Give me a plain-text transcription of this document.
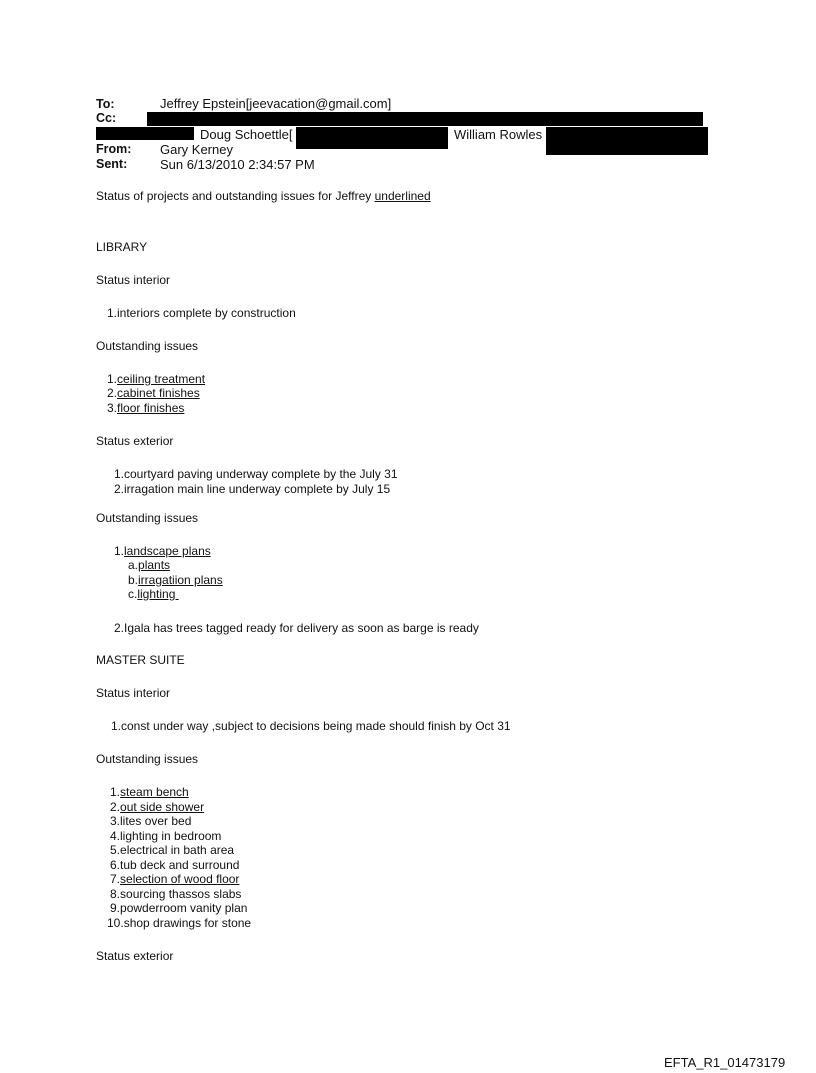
To:	Jeffrey Epstein[jeevacation@gmail.com]
Cc:
Doug Schoettle[	William Rowles
From: Gary Kerney
Sent:	Sun 6/13/2010 2:34:57 PM
Status of projects and outstanding issues for Jeffrey underlined
LIBRARY
Status interior
1.interiors complete by construction
Outstanding issues
1.ceiling treatment
2.cabinet finishes
3.floor finishes
Status exterior
1.courtyard paving underway complete by the July 31
2.irragation main line underway complete by July 15
Outstanding issues
1.landscape plans
a.plants
b.irragatiion plans
c.lighting
2.Igala has trees tagged ready for delivery as soon as barge is ready
MASTER SUITE
Status interior
1.const under way ,subject to decisions being made should finish by Oct 31
Outstanding issues
1.steam bench
2.out side shower
3.lites over bed
4.lighting in bedroom
5.electrical in bath area
6.tub deck and surround
7.selection of wood floor
8.sourcing thassos slabs
9.powderroom vanity plan
10.shop drawings for stone
Status exterior
EFTA_R1_01473179
